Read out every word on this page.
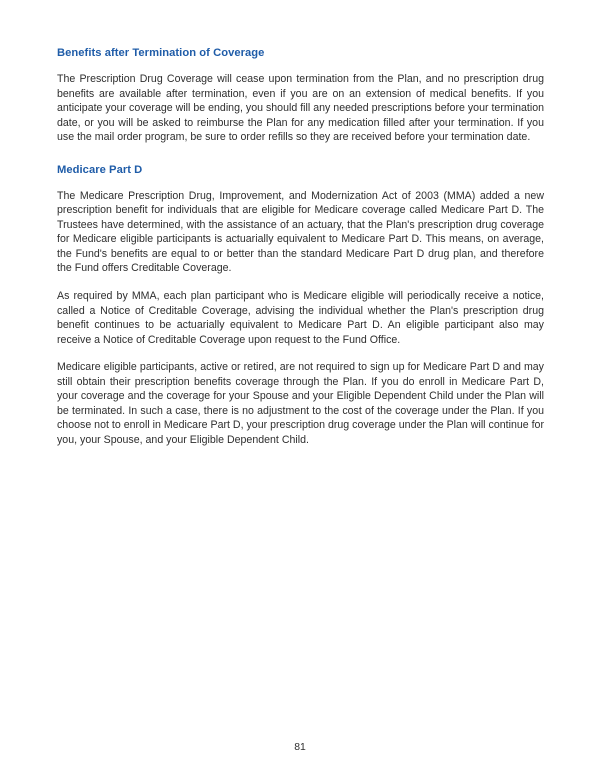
Benefits after Termination of Coverage

The Prescription Drug Coverage will cease upon termination from the Plan, and no prescription drug benefits are available after termination, even if you are on an extension of medical benefits. If you anticipate your coverage will be ending, you should fill any needed prescriptions before your termination date, or you will be asked to reimburse the Plan for any medication filled after your termination. If you use the mail order program, be sure to order refills so they are received before your termination date.

Medicare Part D

The Medicare Prescription Drug, Improvement, and Modernization Act of 2003 (MMA) added a new prescription benefit for individuals that are eligible for Medicare coverage called Medicare Part D. The Trustees have determined, with the assistance of an actuary, that the Plan's prescription drug coverage for Medicare eligible participants is actuarially equivalent to Medicare Part D. This means, on average, the Fund's benefits are equal to or better than the standard Medicare Part D drug plan, and therefore the Fund offers Creditable Coverage.

As required by MMA, each plan participant who is Medicare eligible will periodically receive a notice, called a Notice of Creditable Coverage, advising the individual whether the Plan's prescription drug benefit continues to be actuarially equivalent to Medicare Part D. An eligible participant also may receive a Notice of Creditable Coverage upon request to the Fund Office.

Medicare eligible participants, active or retired, are not required to sign up for Medicare Part D and may still obtain their prescription benefits coverage through the Plan. If you do enroll in Medicare Part D, your coverage and the coverage for your Spouse and your Eligible Dependent Child under the Plan will be terminated. In such a case, there is no adjustment to the cost of the coverage under the Plan. If you choose not to enroll in Medicare Part D, your prescription drug coverage under the Plan will continue for you, your Spouse, and your Eligible Dependent Child.

81
